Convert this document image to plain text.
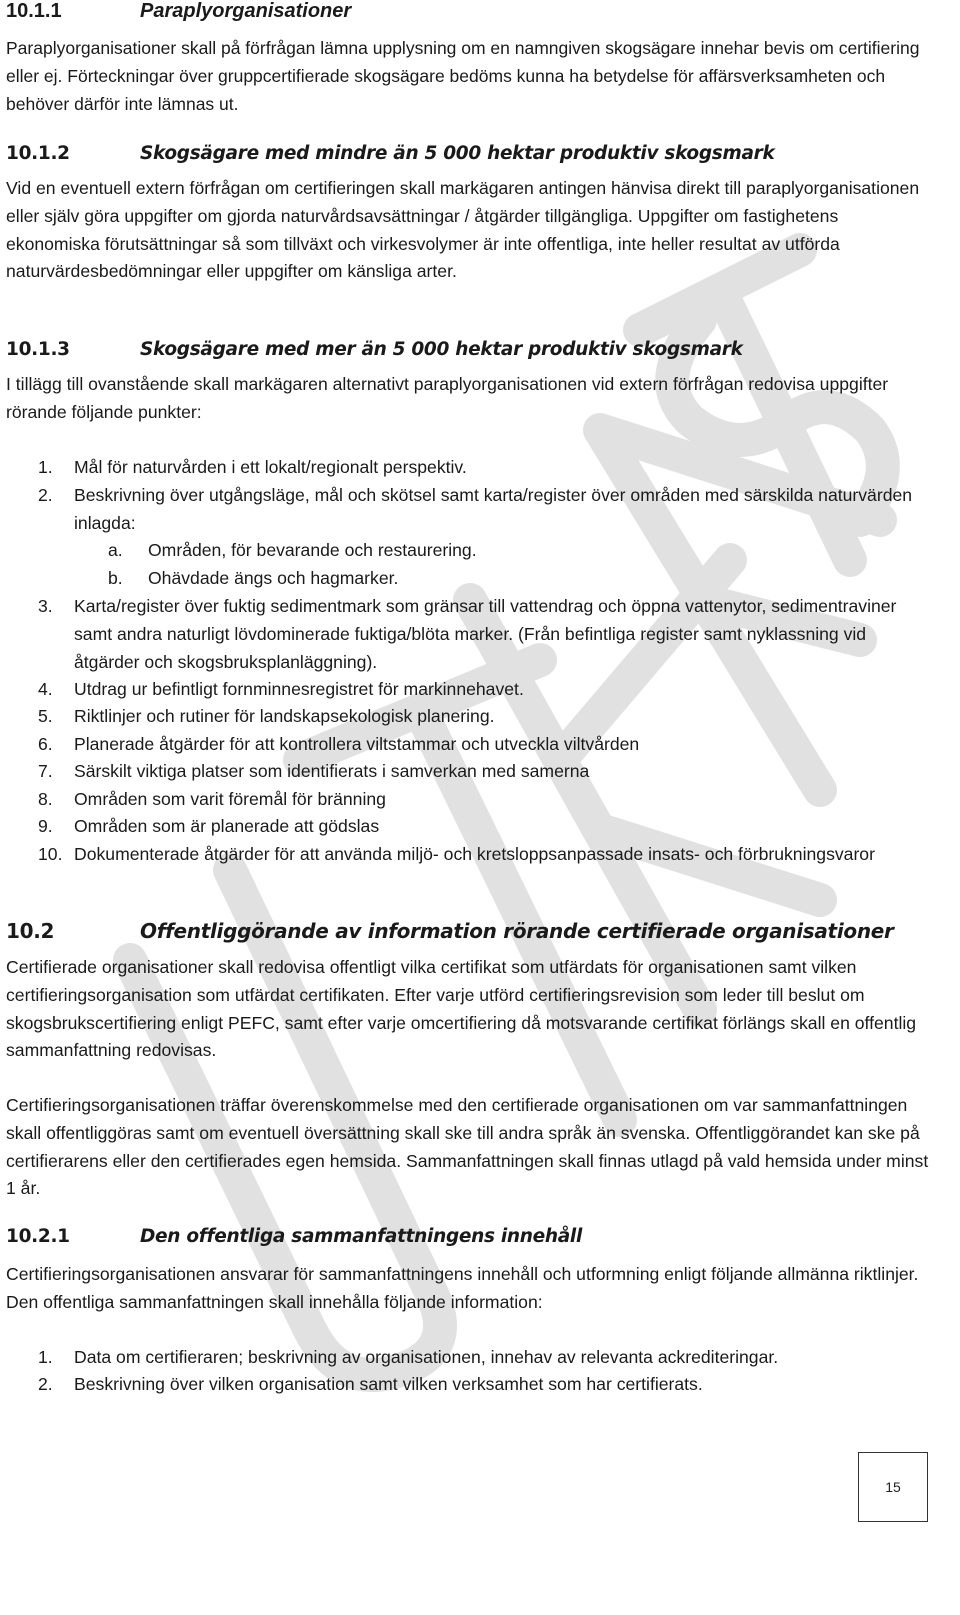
10.1.1	Paraplyorganisationer
Paraplyorganisationer skall på förfrågan lämna upplysning om en namngiven skogsägare innehar bevis om certifiering eller ej. Förteckningar över gruppcertifierade skogsägare bedöms kunna ha betydelse för affärsverksamheten och behöver därför inte lämnas ut.
10.1.2	Skogsägare med mindre än 5 000 hektar produktiv skogsmark
Vid en eventuell extern förfrågan om certifieringen skall markägaren antingen hänvisa direkt till paraplyorganisationen eller själv göra uppgifter om gjorda naturvårdsavsättningar / åtgärder tillgängliga. Uppgifter om fastighetens ekonomiska förutsättningar så som tillväxt och virkesvolymer är inte offentliga, inte heller resultat av utförda naturvärdesbedömningar eller uppgifter om känsliga arter.
10.1.3	Skogsägare med mer än 5 000 hektar produktiv skogsmark
I tillägg till ovanstående skall markägaren alternativt paraplyorganisationen vid extern förfrågan redovisa uppgifter rörande följande punkter:
1. Mål för naturvården i ett lokalt/regionalt perspektiv.
2. Beskrivning över utgångsläge, mål och skötsel samt karta/register över områden med särskilda naturvärden inlagda:
a. Områden, för bevarande och restaurering.
b. Ohävdade ängs och hagmarker.
3. Karta/register över fuktig sedimentmark som gränsar till vattendrag och öppna vattenytor, sedimentraviner samt andra naturligt lövdominerade fuktiga/blöta marker. (Från befintliga register samt nyklassning vid åtgärder och skogsbruksplanläggning).
4. Utdrag ur befintligt fornminnesregistret för markinnehavet.
5. Riktlinjer och rutiner för landskapsekologisk planering.
6. Planerade åtgärder för att kontrollera viltstammar och utveckla viltvården
7. Särskilt viktiga platser som identifierats i samverkan med samerna
8. Områden som varit föremål för bränning
9. Områden som är planerade att gödslas
10. Dokumenterade åtgärder för att använda miljö- och kretsloppsanpassade insats- och förbrukningsvaror
10.2	Offentliggörande av information rörande certifierade organisationer
Certifierade organisationer skall redovisa offentligt vilka certifikat som utfärdats för organisationen samt vilken certifieringsorganisation som utfärdat certifikaten. Efter varje utförd certifieringsrevision som leder till beslut om skogsbrukscertifiering enligt PEFC, samt efter varje omcertifiering då motsvarande certifikat förlängs skall en offentlig sammanfattning redovisas.
Certifieringsorganisationen träffar överenskommelse med den certifierade organisationen om var sammanfattningen skall offentliggöras samt om eventuell översättning skall ske till andra språk än svenska. Offentliggörandet kan ske på certifierarens eller den certifierades egen hemsida. Sammanfattningen skall finnas utlagd på vald hemsida under minst 1 år.
10.2.1	Den offentliga sammanfattningens innehåll
Certifieringsorganisationen ansvarar för sammanfattningens innehåll och utformning enligt följande allmänna riktlinjer. Den offentliga sammanfattningen skall innehålla följande information:
1. Data om certifieraren; beskrivning av organisationen, innehav av relevanta ackrediteringar.
2. Beskrivning över vilken organisation samt vilken verksamhet som har certifierats.
15
